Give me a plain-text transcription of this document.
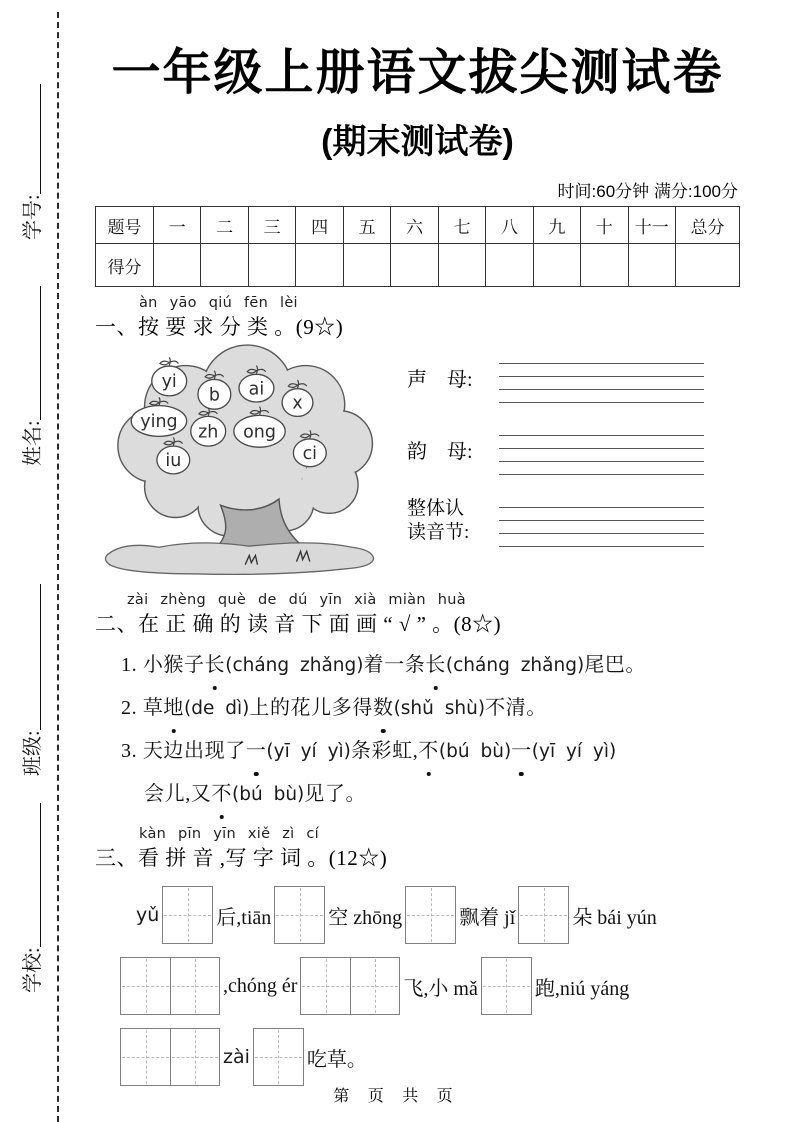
学号:
姓名:
班级:
学校:
一年级上册语文拔尖测试卷
(期末测试卷)
时间:60分钟 满分:100分
题号	一	二	三	四	五	六	七	八	九	十	十一	总分
得分												
àn yāo qiú fēn lèi
一、按 要 求 分 类 。(9☆)
yi
b ai
x
ying
zh ong
iu	ci
声　母:
韵　母:
整体认
读音节:
zài zhèng què de dú yīn xià miàn huà
二、在 正 确 的 读 音 下 面 画 “ √ ” 。(8☆)
1. 小猴子长(cháng zhǎng)着一条长(cháng zhǎng)尾巴。
2. 草地(de dì)上的花儿多得数(shǔ shù)不清。
3. 天边出现了一(yī yí yì)条彩虹,不(bú bù)一(yī yí yì)
会儿,又不(bú bù)见了。
kàn pīn yīn xiě zì cí
三、看 拼 音 ,写 字 词 。(12☆)
yǔ	后,tiān	空 zhōng	飘着 jǐ	朵 bái yún
,chóng ér	飞,小 mǎ	跑,niú yáng
zài	吃草。
第 页 共 页
